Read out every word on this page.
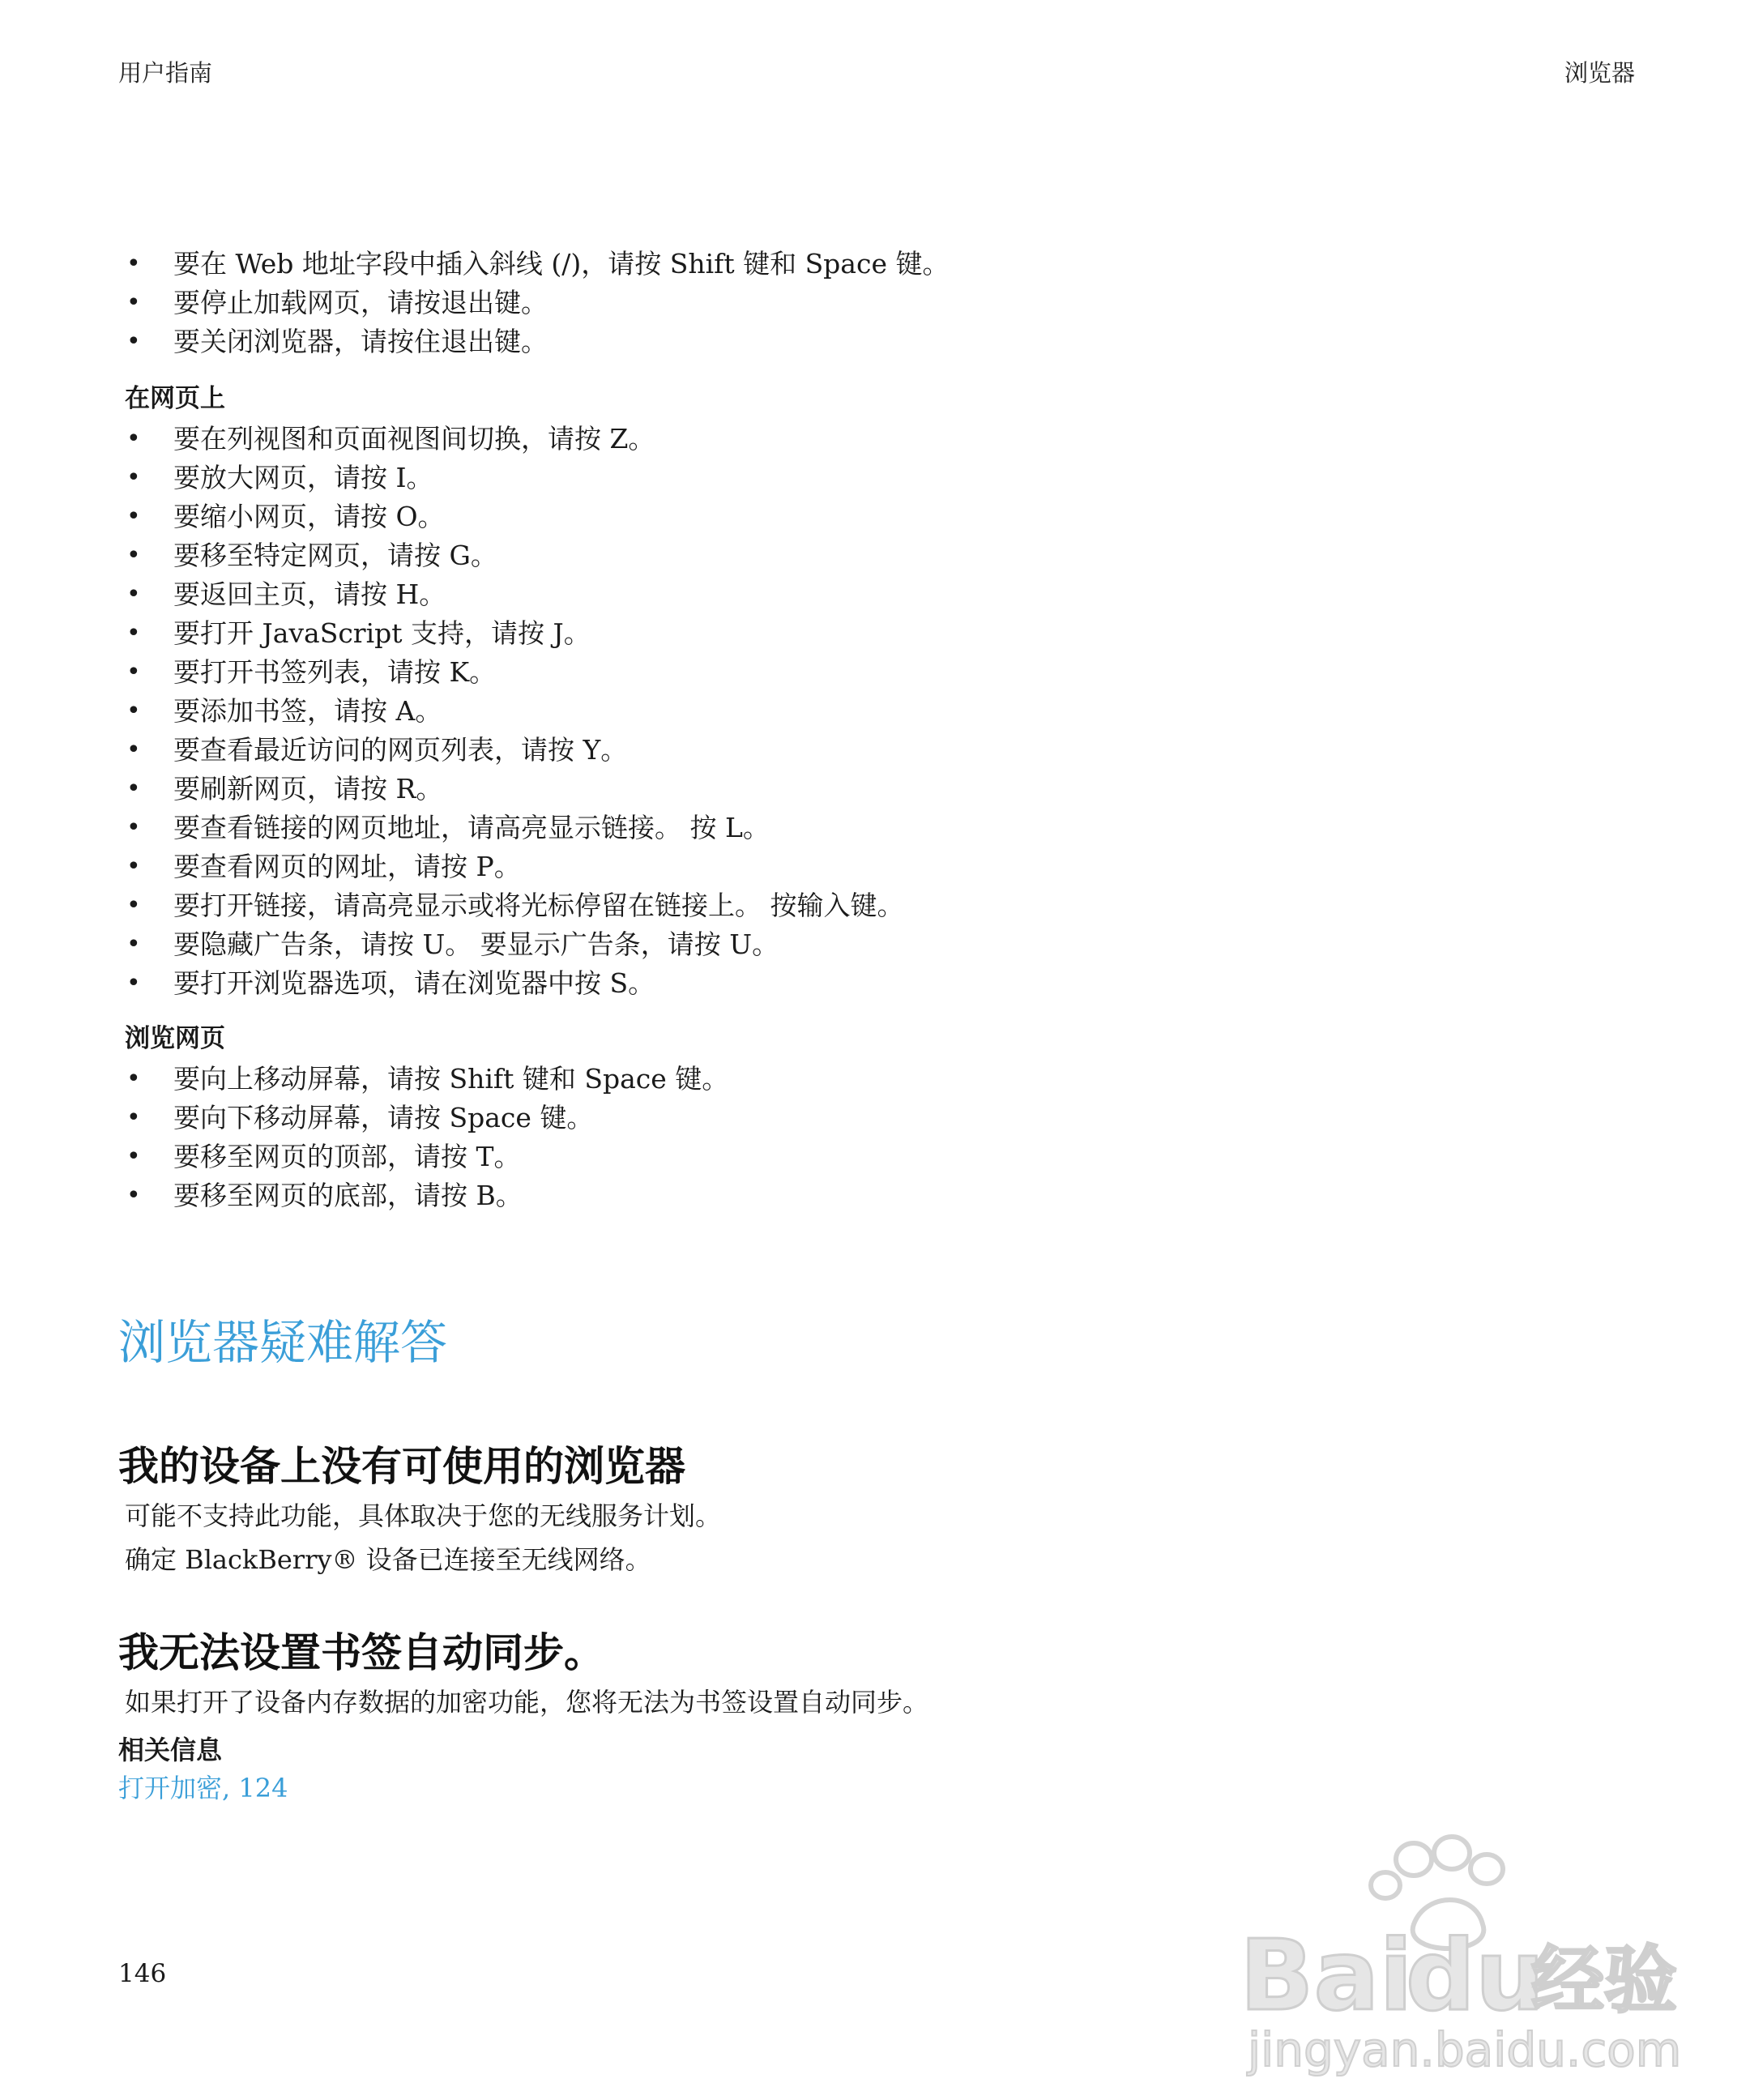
用户指南	浏览器
• 要在 Web 地址字段中插入斜线 (/)，请按 Shift 键和 Space 键。
• 要停止加载网页，请按退出键。
• 要关闭浏览器，请按住退出键。
在网页上
• 要在列视图和页面视图间切换，请按 Z。
• 要放大网页，请按 I。
• 要缩小网页，请按 O。
• 要移至特定网页，请按 G。
• 要返回主页，请按 H。
• 要打开 JavaScript 支持，请按 J。
• 要打开书签列表，请按 K。
• 要添加书签，请按 A。
• 要查看最近访问的网页列表，请按 Y。
• 要刷新网页，请按 R。
• 要查看链接的网页地址，请高亮显示链接。 按 L。
• 要查看网页的网址，请按 P。
• 要打开链接，请高亮显示或将光标停留在链接上。 按输入键。
• 要隐藏广告条，请按 U。 要显示广告条，请按 U。
• 要打开浏览器选项，请在浏览器中按 S。
浏览网页
• 要向上移动屏幕，请按 Shift 键和 Space 键。
• 要向下移动屏幕，请按 Space 键。
• 要移至网页的顶部，请按 T。
• 要移至网页的底部，请按 B。
浏览器疑难解答
我的设备上没有可使用的浏览器

可能不支持此功能，具体取决于您的无线服务计划。

确定 BlackBerry® 设备已连接至无线网络。

我无法设置书签自动同步。

如果打开了设备内存数据的加密功能，您将无法为书签设置自动同步。

相关信息
打开加密, 124
146	Bai
du
经验
jingyan.baidu.com
